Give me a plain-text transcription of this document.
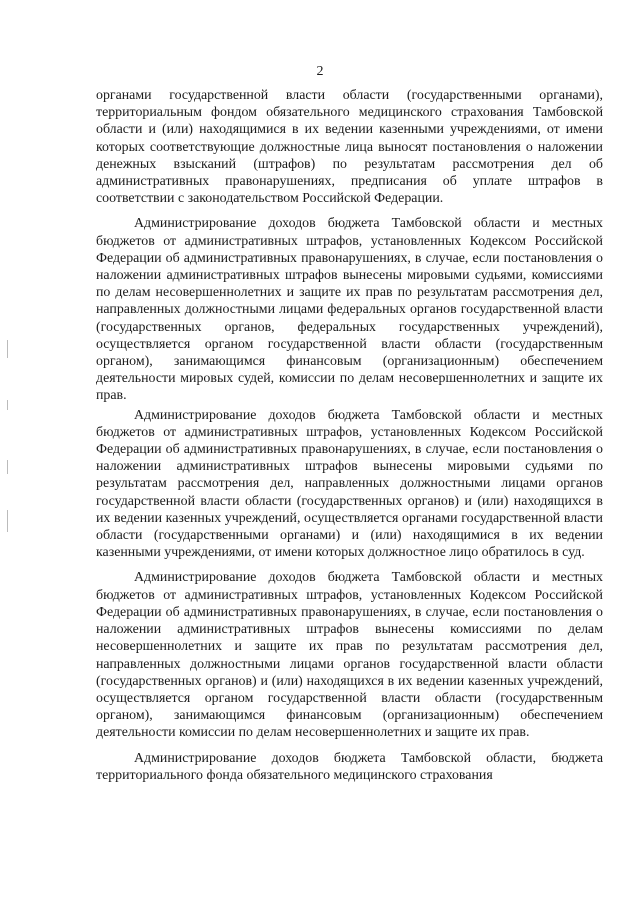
2

органами государственной власти области (государственными органами), территориальным фондом обязательного медицинского страхования Тамбовской области и (или) находящимися в их ведении казенными учреждениями, от имени которых соответствующие должностные лица выносят постановления о наложении денежных взысканий (штрафов) по результатам рассмотрения дел об административных правонарушениях, предписания об уплате штрафов в соответствии с законодательством Российской Федерации.

Администрирование доходов бюджета Тамбовской области и местных бюджетов от административных штрафов, установленных Кодексом Российской Федерации об административных правонарушениях, в случае, если постановления о наложении административных штрафов вынесены мировыми судьями, комиссиями по делам несовершеннолетних и защите их прав по результатам рассмотрения дел, направленных должностными лицами федеральных органов государственной власти (государственных органов, федеральных государственных учреждений), осуществляется органом государственной власти области (государственным органом), занимающимся финансовым (организационным) обеспечением деятельности мировых судей, комиссии по делам несовершеннолетних и защите их прав.

Администрирование доходов бюджета Тамбовской области и местных бюджетов от административных штрафов, установленных Кодексом Российской Федерации об административных правонарушениях, в случае, если постановления о наложении административных штрафов вынесены мировыми судьями по результатам рассмотрения дел, направленных должностными лицами органов государственной власти области (государственных органов) и (или) находящихся в их ведении казенных учреждений, осуществляется органами государственной власти области (государственными органами) и (или) находящимися в их ведении казенными учреждениями, от имени которых должностное лицо обратилось в суд.

Администрирование доходов бюджета Тамбовской области и местных бюджетов от административных штрафов, установленных Кодексом Российской Федерации об административных правонарушениях, в случае, если постановления о наложении административных штрафов вынесены комиссиями по делам несовершеннолетних и защите их прав по результатам рассмотрения дел, направленных должностными лицами органов государственной власти области (государственных органов) и (или) находящихся в их ведении казенных учреждений, осуществляется органом государственной власти области (государственным органом), занимающимся финансовым (организационным) обеспечением деятельности комиссии по делам несовершеннолетних и защите их прав.

Администрирование доходов бюджета Тамбовской области, бюджета территориального фонда обязательного медицинского страхования
